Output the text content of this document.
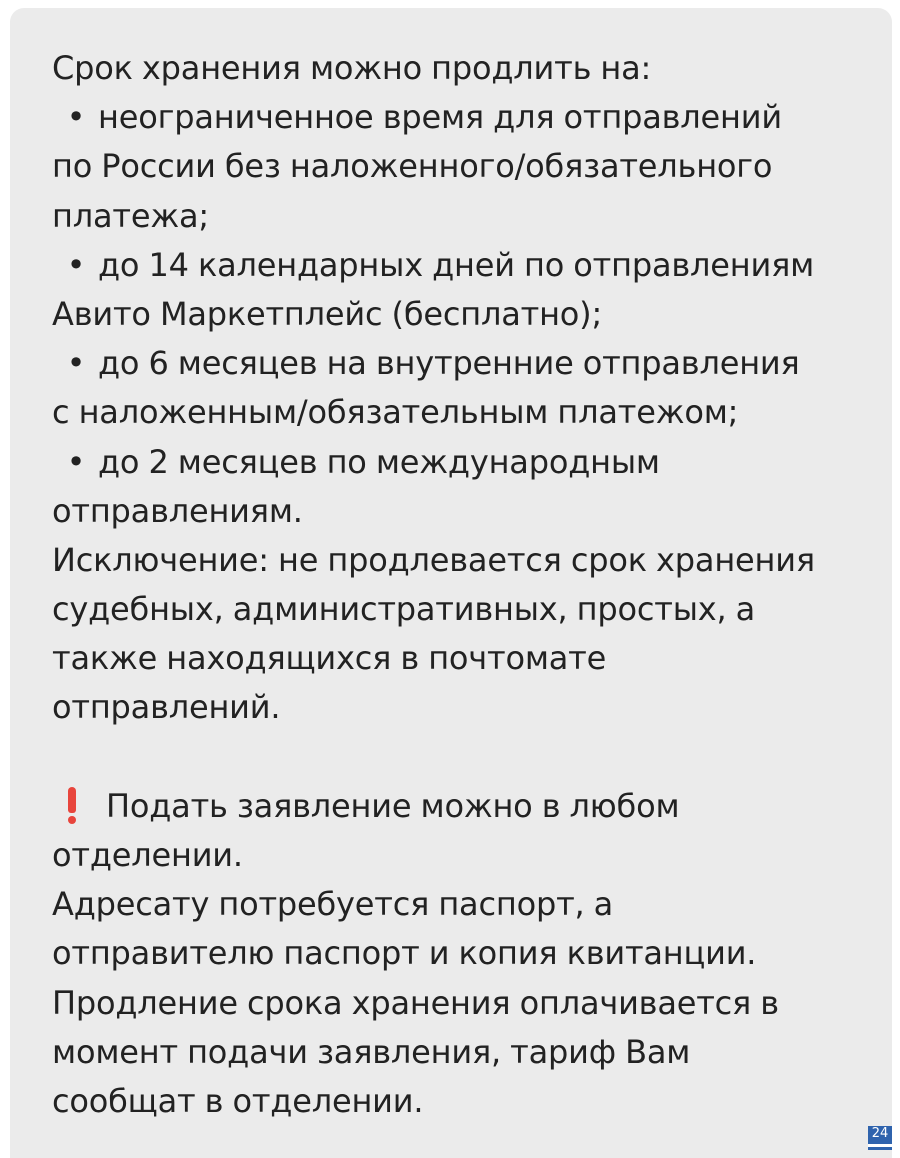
Срок хранения можно продлить на:
• неограниченное время для отправлений
по России без наложенного/обязательного
платежа;
• до 14 календарных дней по отправлениям
Авито Маркетплейс (бесплатно);
• до 6 месяцев на внутренние отправления
с наложенным/обязательным платежом;
• до 2 месяцев по международным
отправлениям.
Исключение: не продлевается срок хранения
судебных, административных, простых, а
также находящихся в почтомате
отправлений.
Подать заявление можно в любом
отделении.
Адресату потребуется паспорт, а
отправителю паспорт и копия квитанции.
Продление срока хранения оплачивается в
момент подачи заявления, тариф Вам
сообщат в отделении.
24
